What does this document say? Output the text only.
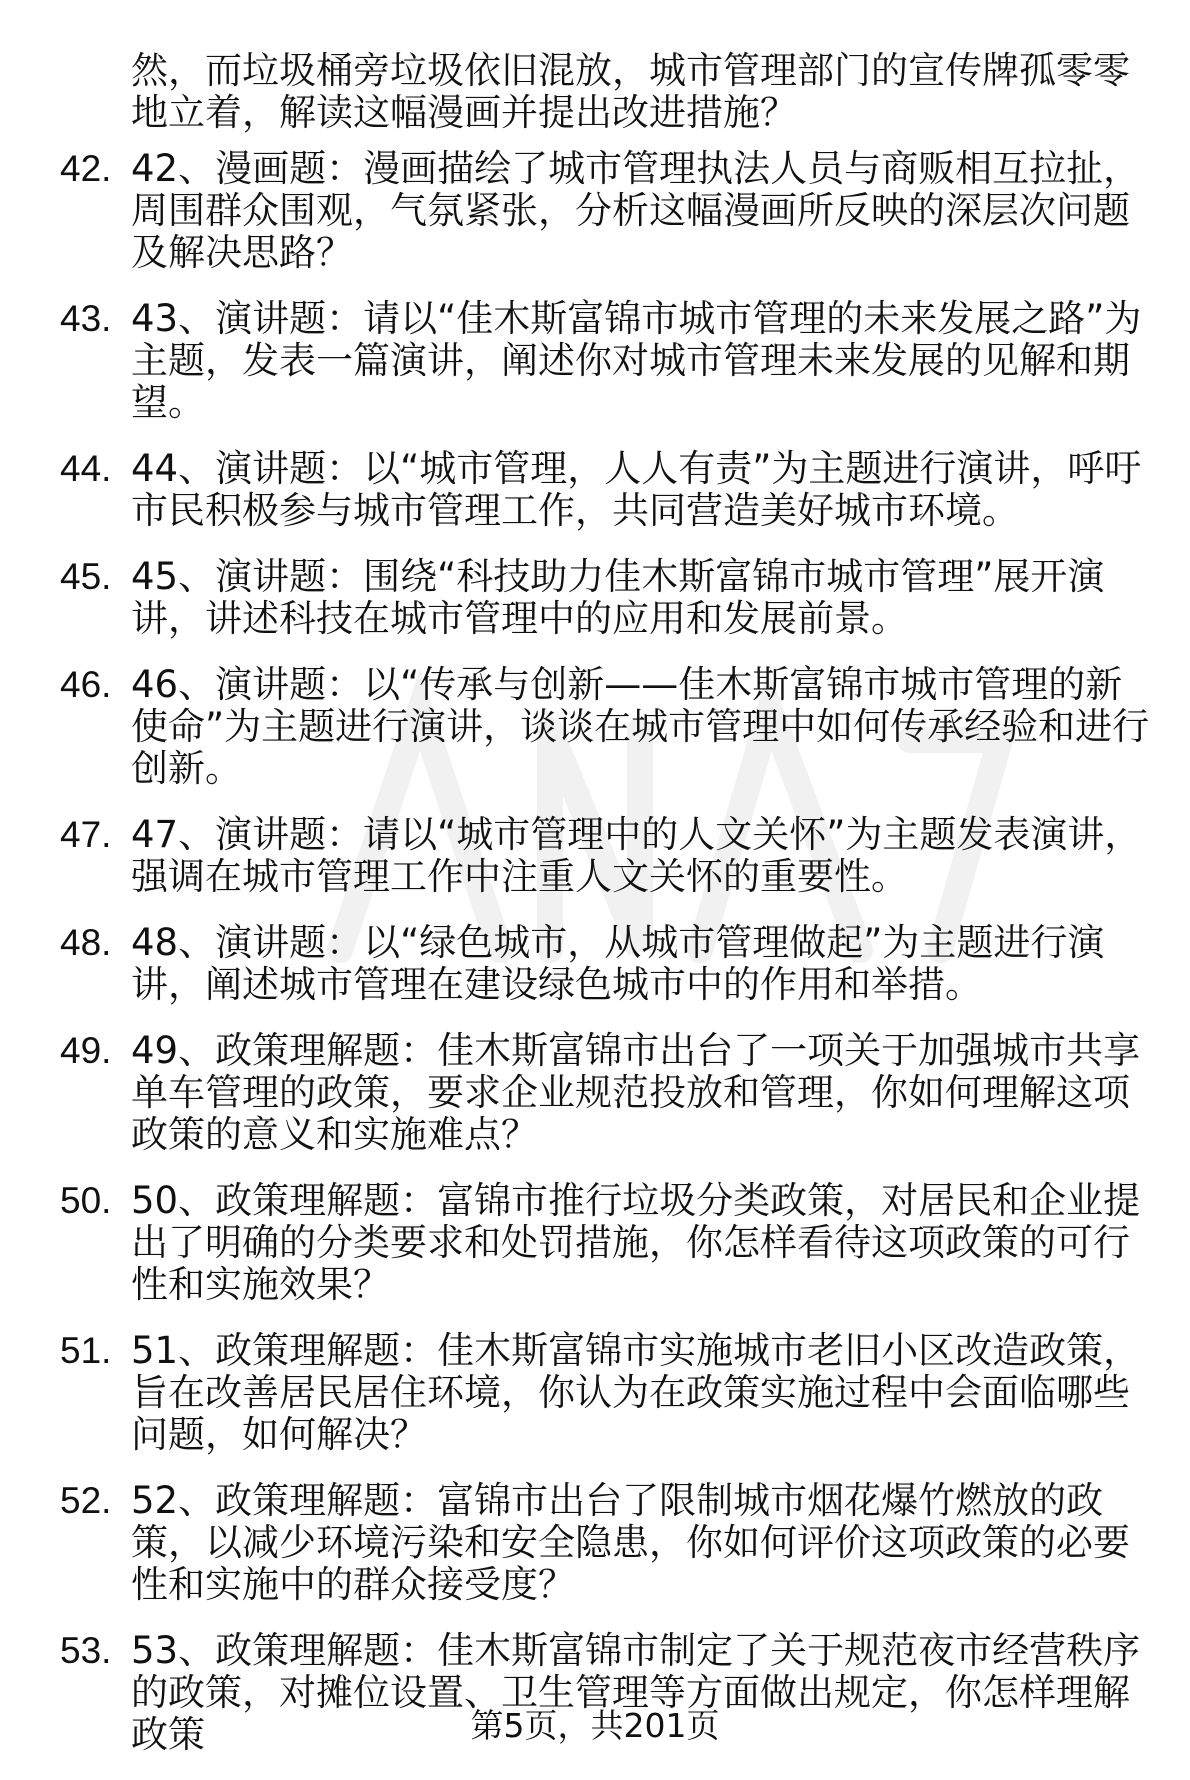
然，而垃圾桶旁垃圾依旧混放，城市管理部门的宣传牌孤零零地立着，解读这幅漫画并提出改进措施？

42. 42、漫画题：漫画描绘了城市管理执法人员与商贩相互拉扯，周围群众围观，气氛紧张，分析这幅漫画所反映的深层次问题及解决思路？
43. 43、演讲题：请以“佳木斯富锦市城市管理的未来发展之路”为主题，发表一篇演讲，阐述你对城市管理未来发展的见解和期望。
44. 44、演讲题：以“城市管理，人人有责”为主题进行演讲，呼吁市民积极参与城市管理工作，共同营造美好城市环境。
45. 45、演讲题：围绕“科技助力佳木斯富锦市城市管理”展开演讲，讲述科技在城市管理中的应用和发展前景。
46. 46、演讲题：以“传承与创新——佳木斯富锦市城市管理的新使命”为主题进行演讲，谈谈在城市管理中如何传承经验和进行创新。
47. 47、演讲题：请以“城市管理中的人文关怀”为主题发表演讲，强调在城市管理工作中注重人文关怀的重要性。
48. 48、演讲题：以“绿色城市，从城市管理做起”为主题进行演讲，阐述城市管理在建设绿色城市中的作用和举措。
49. 49、政策理解题：佳木斯富锦市出台了一项关于加强城市共享单车管理的政策，要求企业规范投放和管理，你如何理解这项政策的意义和实施难点？
50. 50、政策理解题：富锦市推行垃圾分类政策，对居民和企业提出了明确的分类要求和处罚措施，你怎样看待这项政策的可行性和实施效果？
51. 51、政策理解题：佳木斯富锦市实施城市老旧小区改造政策，旨在改善居民居住环境，你认为在政策实施过程中会面临哪些问题，如何解决？
52. 52、政策理解题：富锦市出台了限制城市烟花爆竹燃放的政策，以减少环境污染和安全隐患，你如何评价这项政策的必要性和实施中的群众接受度？
53. 53、政策理解题：佳木斯富锦市制定了关于规范夜市经营秩序的政策，对摊位设置、卫生管理等方面做出规定，你怎样理解政策	第5页，共201页
